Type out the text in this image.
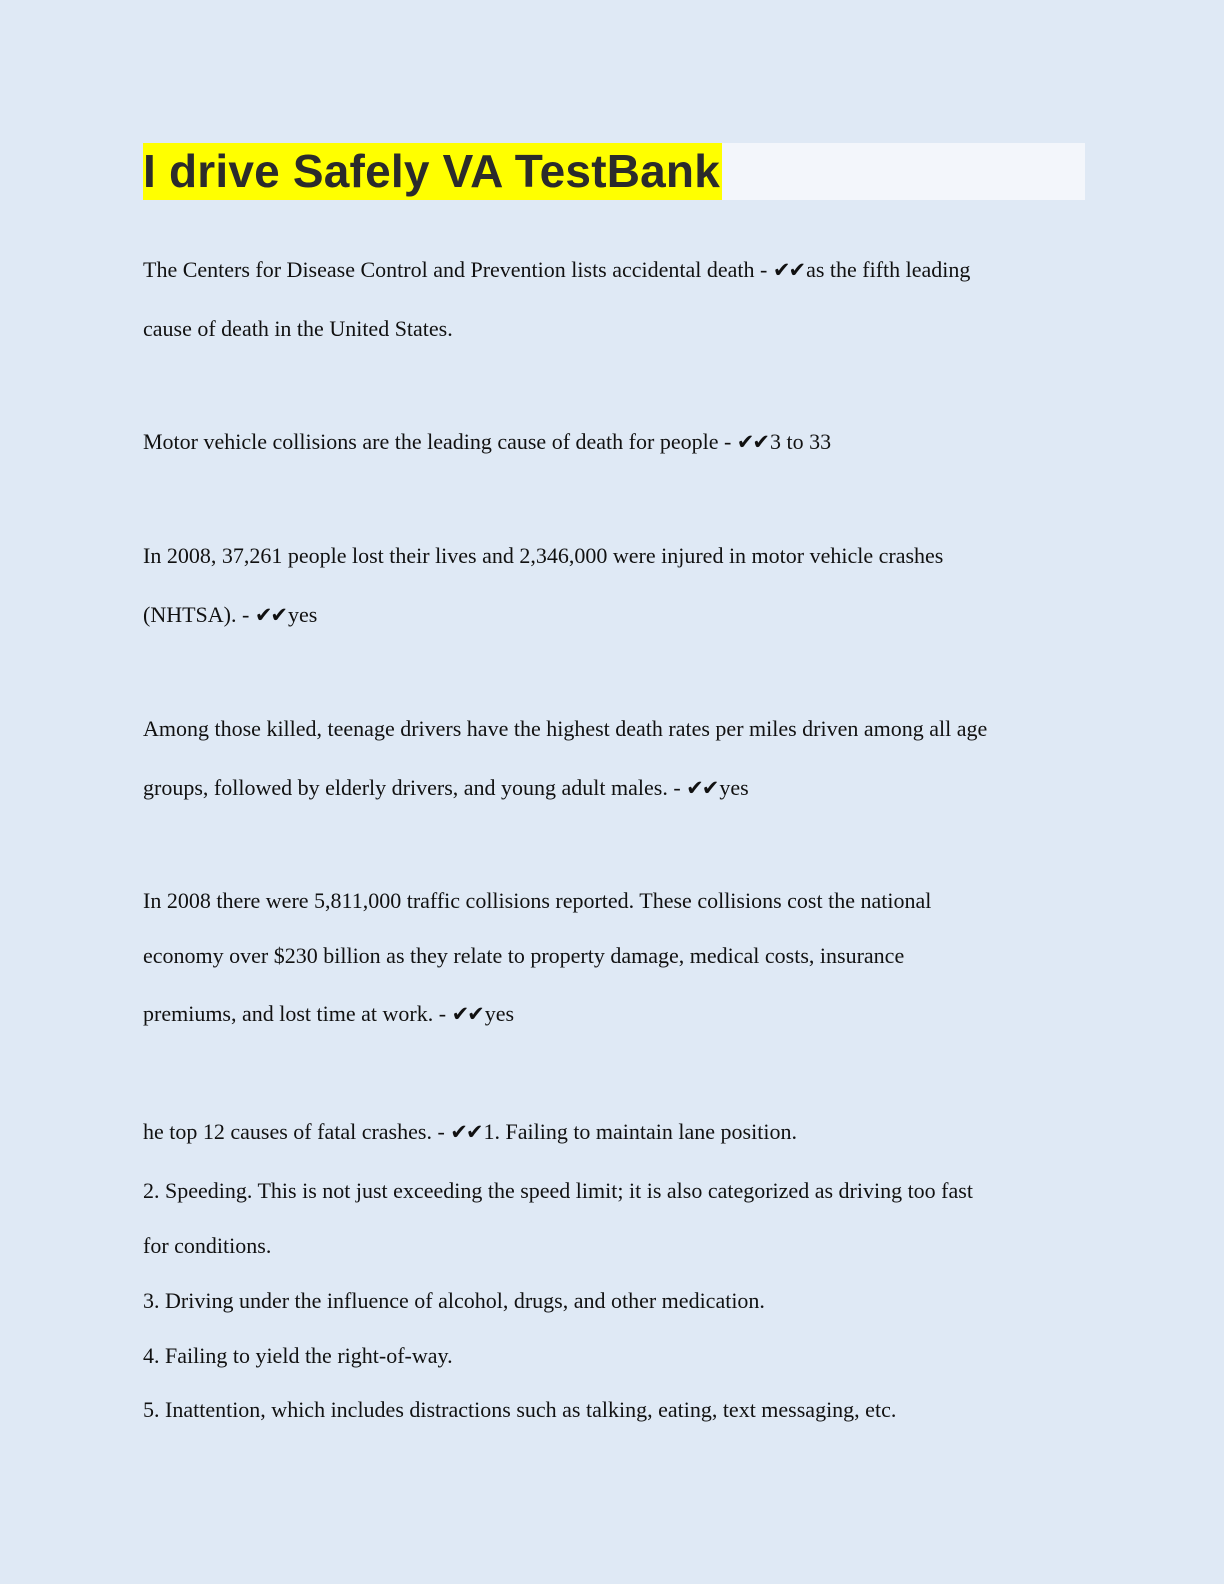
I drive Safely VA TestBank
The Centers for Disease Control and Prevention lists accidental death - ✔✔as the fifth leading
cause of death in the United States.
Motor vehicle collisions are the leading cause of death for people - ✔✔3 to 33
In 2008, 37,261 people lost their lives and 2,346,000 were injured in motor vehicle crashes
(NHTSA). - ✔✔yes
Among those killed, teenage drivers have the highest death rates per miles driven among all age
groups, followed by elderly drivers, and young adult males. - ✔✔yes
In 2008 there were 5,811,000 traffic collisions reported. These collisions cost the national
economy over $230 billion as they relate to property damage, medical costs, insurance
premiums, and lost time at work. - ✔✔yes
he top 12 causes of fatal crashes. - ✔✔1. Failing to maintain lane position.
2. Speeding. This is not just exceeding the speed limit; it is also categorized as driving too fast
for conditions.
3. Driving under the influence of alcohol, drugs, and other medication.
4. Failing to yield the right-of-way.
5. Inattention, which includes distractions such as talking, eating, text messaging, etc.
